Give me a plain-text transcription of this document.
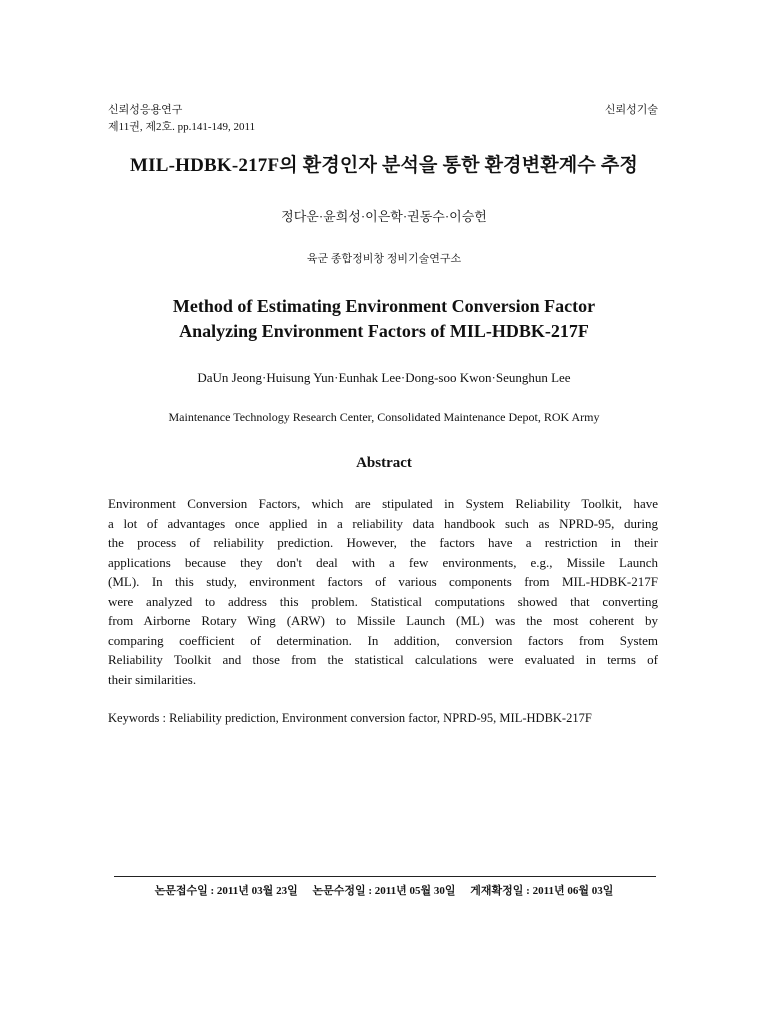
신뢰성응용연구
제11권, 제2호. pp.141-149, 2011
신뢰성기술
MIL-HDBK-217F의 환경인자 분석을 통한 환경변환계수 추정
정다운·윤희성·이은학·권동수·이승헌
육군 종합정비창 정비기술연구소
Method of Estimating Environment Conversion Factor
Analyzing Environment Factors of MIL-HDBK-217F
DaUn Jeong·Huisung Yun·Eunhak Lee·Dong-soo Kwon·Seunghun Lee
Maintenance Technology Research Center, Consolidated Maintenance Depot, ROK Army
Abstract
Environment Conversion Factors, which are stipulated in System Reliability Toolkit, have
a lot of advantages once applied in a reliability data handbook such as NPRD-95, during
the process of reliability prediction. However, the factors have a restriction in their
applications because they don't deal with a few environments, e.g., Missile Launch
(ML). In this study, environment factors of various components from MIL-HDBK-217F
were analyzed to address this problem. Statistical computations showed that converting
from Airborne Rotary Wing (ARW) to Missile Launch (ML) was the most coherent by
comparing coefficient of determination. In addition, conversion factors from System
Reliability Toolkit and those from the statistical calculations were evaluated in terms of
their similarities.
Keywords : Reliability prediction, Environment conversion factor, NPRD-95, MIL-HDBK-217F
논문접수일 : 2011년 03월 23일 논문수정일 : 2011년 05월 30일 게재확정일 : 2011년 06월 03일
